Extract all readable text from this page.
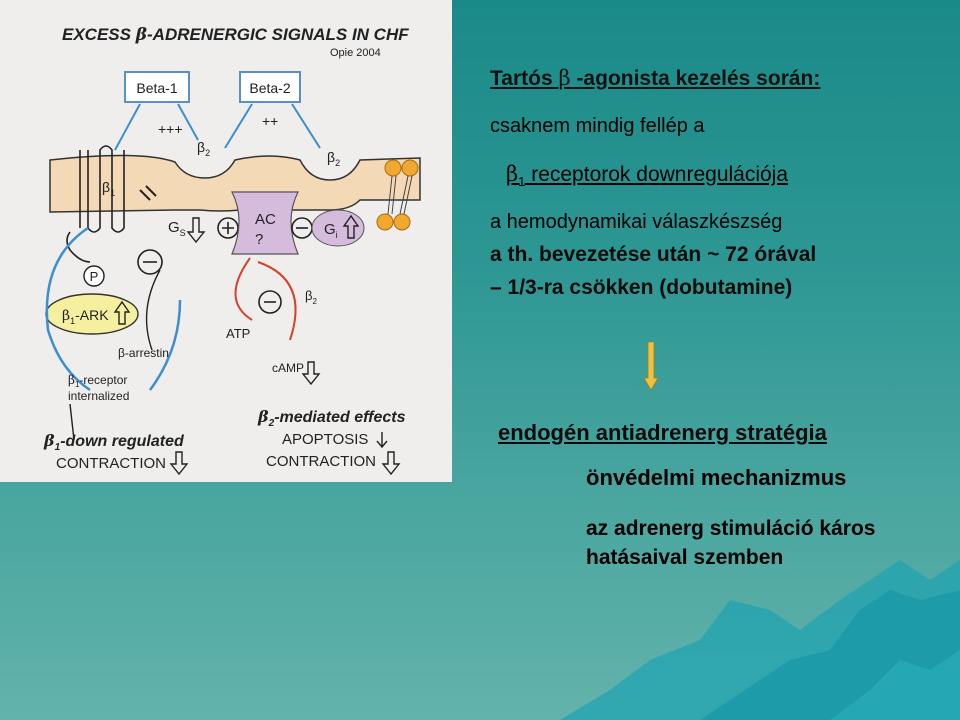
EXCESS β-ADRENERGIC SIGNALS IN CHF
Opie 2004
Beta-1	Beta-2
+++	++
$\beta_1$
$\beta_2$	$\beta_2$
$G_S$
AC
?
$G_i$
P
$\beta_1$-ARK
β-arrestin
$\beta_1$-receptor
internalized
ATP
$\beta_2$
cAMP
$\beta_1$-down regulated
CONTRACTION
$\beta_2$-mediated effects
APOPTOSIS
CONTRACTION
Tartós β -agonista kezelés során:
csaknem mindig fellép a
$\beta_1$ receptorok downregulációja
a hemodynamikai válaszkészség
a th. bevezetése után ~ 72 órával
– 1/3-ra csökken (dobutamine)
endogén antiadrenerg stratégia
önvédelmi mechanizmus
az adrenerg stimuláció káros hatásaival szemben
